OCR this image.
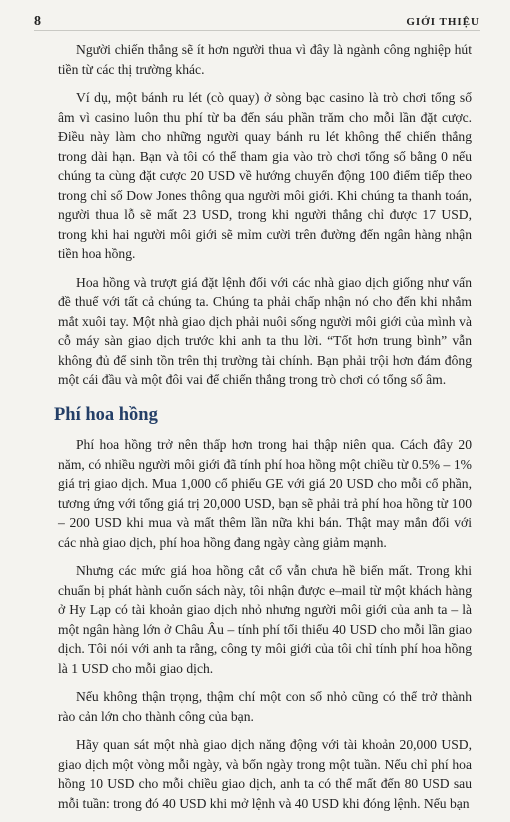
8	GIỚI THIỆU

Người chiến thắng sẽ ít hơn người thua vì đây là ngành công nghiệp hút tiền từ các thị trường khác.

Ví dụ, một bánh ru lét (cò quay) ở sòng bạc casino là trò chơi tổng số âm vì casino luôn thu phí từ ba đến sáu phần trăm cho mỗi lần đặt cược. Điều này làm cho những người quay bánh ru lét không thể chiến thắng trong dài hạn. Bạn và tôi có thể tham gia vào trò chơi tổng số bằng 0 nếu chúng ta cùng đặt cược 20 USD về hướng chuyển động 100 điểm tiếp theo trong chỉ số Dow Jones thông qua người môi giới. Khi chúng ta thanh toán, người thua lỗ sẽ mất 23 USD, trong khi người thắng chỉ được 17 USD, trong khi hai người môi giới sẽ mỉm cười trên đường đến ngân hàng nhận tiền hoa hồng.

Hoa hồng và trượt giá đặt lệnh đối với các nhà giao dịch giống như vấn đề thuế với tất cả chúng ta. Chúng ta phải chấp nhận nó cho đến khi nhắm mắt xuôi tay. Một nhà giao dịch phải nuôi sống người môi giới của mình và cỗ máy sàn giao dịch trước khi anh ta thu lời. “Tốt hơn trung bình” vẫn không đủ để sinh tồn trên thị trường tài chính. Bạn phải trội hơn đám đông một cái đầu và một đôi vai để chiến thắng trong trò chơi có tổng số âm.

Phí hoa hồng

Phí hoa hồng trở nên thấp hơn trong hai thập niên qua. Cách đây 20 năm, có nhiều người môi giới đã tính phí hoa hồng một chiều từ 0.5% – 1% giá trị giao dịch. Mua 1,000 cổ phiếu GE với giá 20 USD cho mỗi cổ phần, tương ứng với tổng giá trị 20,000 USD, bạn sẽ phải trả phí hoa hồng từ 100 – 200 USD khi mua và mất thêm lần nữa khi bán. Thật may mắn đối với các nhà giao dịch, phí hoa hồng đang ngày càng giảm mạnh.

Nhưng các mức giá hoa hồng cắt cổ vẫn chưa hề biến mất. Trong khi chuẩn bị phát hành cuốn sách này, tôi nhận được e–mail từ một khách hàng ở Hy Lạp có tài khoản giao dịch nhỏ nhưng người môi giới của anh ta – là một ngân hàng lớn ở Châu Âu – tính phí tối thiểu 40 USD cho mỗi lần giao dịch. Tôi nói với anh ta rằng, công ty môi giới của tôi chỉ tính phí hoa hồng là 1 USD cho mỗi giao dịch.

Nếu không thận trọng, thậm chí một con số nhỏ cũng có thể trở thành rào cản lớn cho thành công của bạn.

Hãy quan sát một nhà giao dịch năng động với tài khoản 20,000 USD, giao dịch một vòng mỗi ngày, và bốn ngày trong một tuần. Nếu chỉ phí hoa hồng 10 USD cho mỗi chiều giao dịch, anh ta có thể mất đến 80 USD sau mỗi tuần: trong đó 40 USD khi mở lệnh và 40 USD khi đóng lệnh. Nếu bạn
